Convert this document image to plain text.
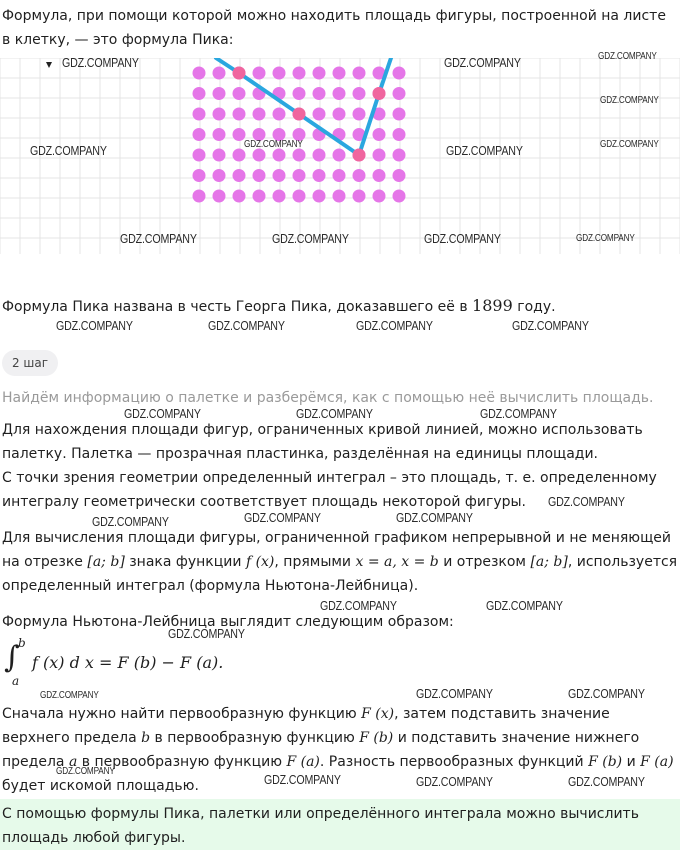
Формула, при помощи которой можно находить площадь фигуры, построенной на листе в клетку, — это формула Пика:

Формула Пика названа в честь Георга Пика, доказавшего её в 1899 году.

2 шаг

Найдём информацию о палетке и разберёмся, как с помощью неё вычислить площадь.

Для нахождения площади фигур, ограниченных кривой линией, можно использовать палетку. Палетка — прозрачная пластинка, разделённая на единицы площади.

С точки зрения геометрии определенный интеграл – это площадь, т. е. определенному интегралу геометрически соответствует площадь некоторой фигуры.

Для вычисления площади фигуры, ограниченной графиком непрерывной и не меняющей на отрезке [a; b] знака функции f (x), прямыми x = a, x = b и отрезком [a; b], используется определенный интеграл (формула Ньютона-Лейбница).

Формула Ньютона-Лейбница выглядит следующим образом:

∫
b
a
f (x) d x = F (b) − F (a).

Сначала нужно найти первообразную функцию F (x), затем подставить значение верхнего предела b в первообразную функцию F (b) и подставить значение нижнего предела a в первообразную функцию F (a). Разность первообразных функций F (b) и F (a) будет искомой площадью.

С помощью формулы Пика, палетки или определённого интеграла можно вычислить площадь любой фигуры.

GDZ.COMPANY	GDZ.COMPANY	GDZ.COMPANY
GDZ.COMPANY
GDZ.COMPANY
GDZ.COMPANY
GDZ.COMPANY	GDZ.COMPANY
GDZ.COMPANY	GDZ.COMPANY	GDZ.COMPANY	GDZ.COMPANY
GDZ.COMPANY	GDZ.COMPANY	GDZ.COMPANY	GDZ.COMPANY
GDZ.COMPANY	GDZ.COMPANY	GDZ.COMPANY
GDZ.COMPANY
GDZ.COMPANY	GDZ.COMPANY	GDZ.COMPANY
GDZ.COMPANY	GDZ.COMPANY
GDZ.COMPANY
GDZ.COMPANY	GDZ.COMPANY	GDZ.COMPANY
GDZ.COMPANY
GDZ.COMPANY	GDZ.COMPANY	GDZ.COMPANY
